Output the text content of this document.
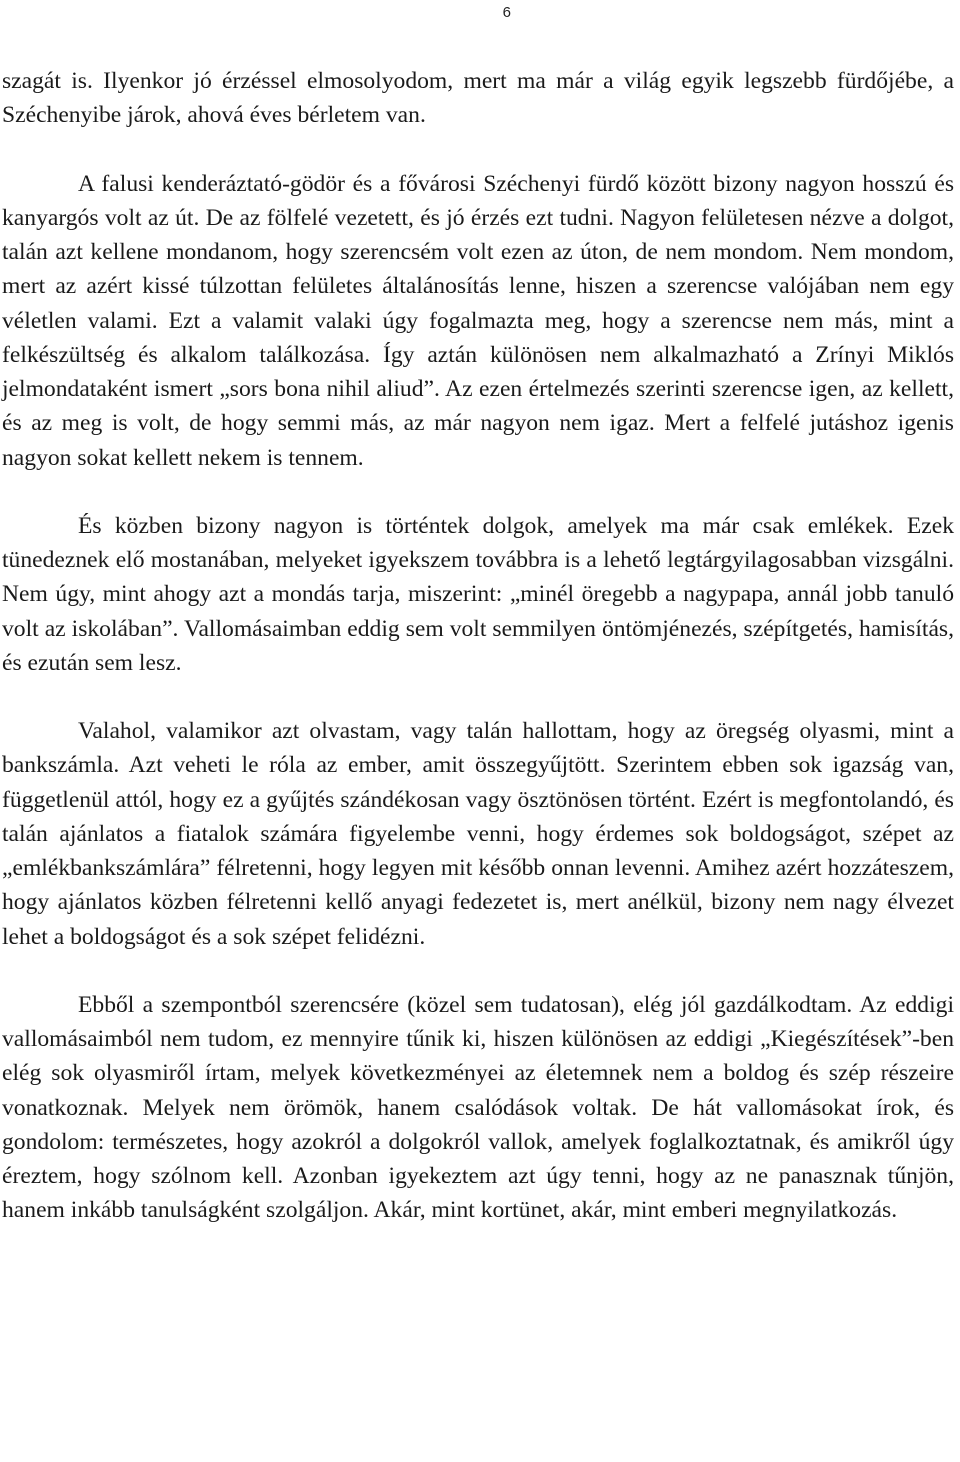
6

szagát is. Ilyenkor jó érzéssel elmosolyodom, mert ma már a világ egyik legszebb fürdőjébe, a Széchenyibe járok, ahová éves bérletem van.

A falusi kenderáztató-gödör és a fővárosi Széchenyi fürdő között bizony nagyon hosszú és kanyargós volt az út. De az fölfelé vezetett, és jó érzés ezt tudni. Nagyon felületesen nézve a dolgot, talán azt kellene mondanom, hogy szerencsém volt ezen az úton, de nem mondom. Nem mondom, mert az azért kissé túlzottan felületes általánosítás lenne, hiszen a szerencse valójában nem egy véletlen valami. Ezt a valamit valaki úgy fogalmazta meg, hogy a szerencse nem más, mint a felkészültség és alkalom találkozása. Így aztán különösen nem alkalmazható a Zrínyi Miklós jelmondataként ismert „sors bona nihil aliud”. Az ezen értelmezés szerinti szerencse igen, az kellett, és az meg is volt, de hogy semmi más, az már nagyon nem igaz. Mert a felfelé jutáshoz igenis nagyon sokat kellett nekem is tennem.

És közben bizony nagyon is történtek dolgok, amelyek ma már csak emlékek. Ezek tünedeznek elő mostanában, melyeket igyekszem továbbra is a lehető legtárgyilagosabban vizsgálni. Nem úgy, mint ahogy azt a mondás tarja, miszerint: „minél öregebb a nagypapa, annál jobb tanuló volt az iskolában”. Vallomásaimban eddig sem volt semmilyen öntömjénezés, szépítgetés, hamisítás, és ezután sem lesz.

Valahol, valamikor azt olvastam, vagy talán hallottam, hogy az öregség olyasmi, mint a bankszámla. Azt veheti le róla az ember, amit összegyűjtött. Szerintem ebben sok igazság van, függetlenül attól, hogy ez a gyűjtés szándékosan vagy ösztönösen történt. Ezért is megfontolandó, és talán ajánlatos a fiatalok számára figyelembe venni, hogy érdemes sok boldogságot, szépet az „emlékbankszámlára” félretenni, hogy legyen mit később onnan levenni. Amihez azért hozzáteszem, hogy ajánlatos közben félretenni kellő anyagi fedezetet is, mert anélkül, bizony nem nagy élvezet lehet a boldogságot és a sok szépet felidézni.

Ebből a szempontból szerencsére (közel sem tudatosan), elég jól gazdálkodtam. Az eddigi vallomásaimból nem tudom, ez mennyire tűnik ki, hiszen különösen az eddigi „Kiegészítések”-ben elég sok olyasmiről írtam, melyek következményei az életemnek nem a boldog és szép részeire vonatkoznak. Melyek nem örömök, hanem csalódások voltak. De hát vallomásokat írok, és gondolom: természetes, hogy azokról a dolgokról vallok, amelyek foglalkoztatnak, és amikről úgy éreztem, hogy szólnom kell. Azonban igyekeztem azt úgy tenni, hogy az ne panasznak tűnjön, hanem inkább tanulságként szolgáljon. Akár, mint kortünet, akár, mint emberi megnyilatkozás.
